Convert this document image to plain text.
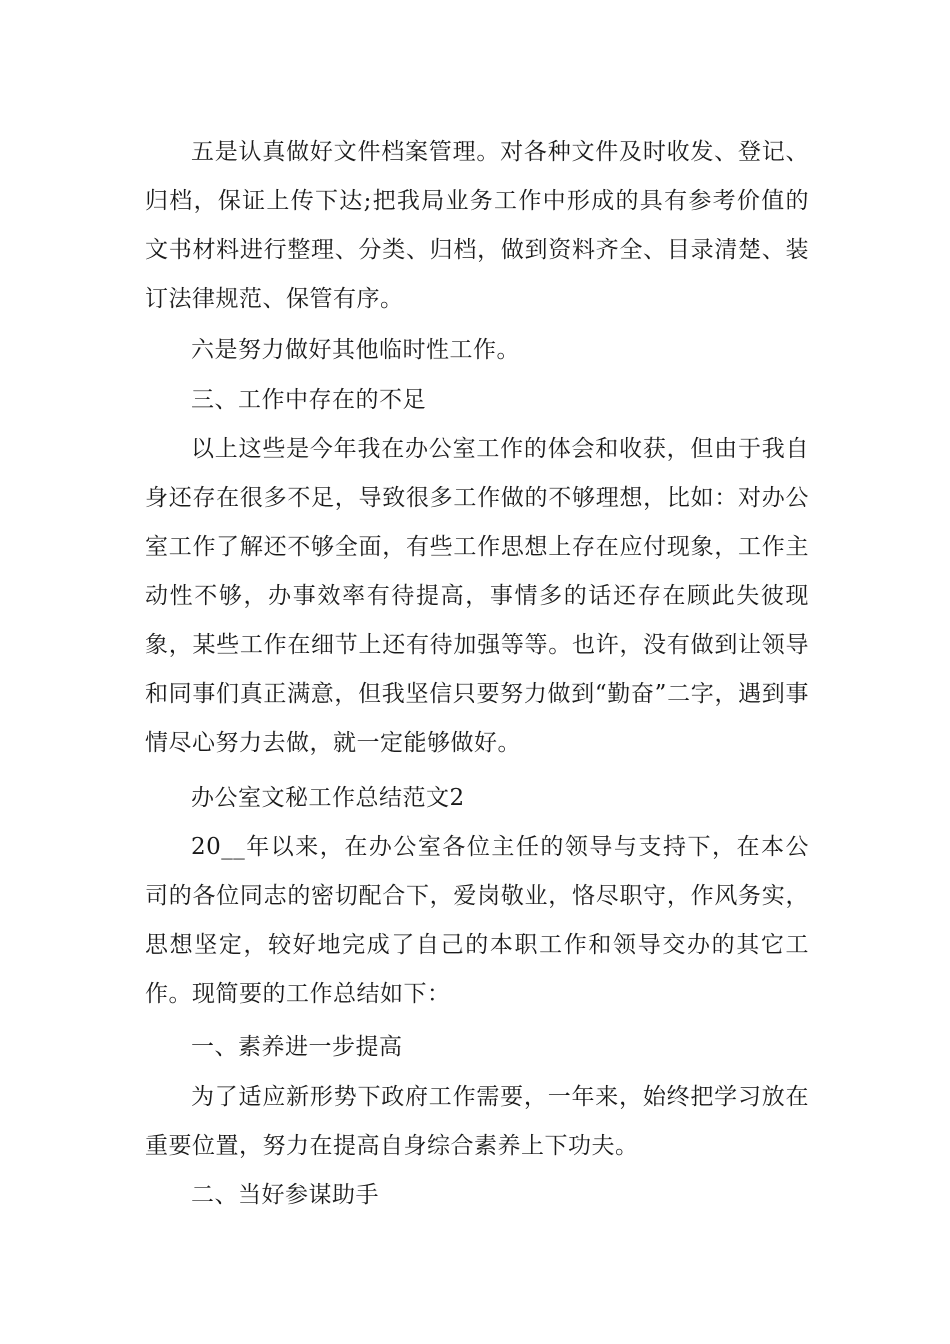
五是认真做好文件档案管理。对各种文件及时收发、登记、归档，保证上传下达;把我局业务工作中形成的具有参考价值的文书材料进行整理、分类、归档，做到资料齐全、目录清楚、装订法律规范、保管有序。

六是努力做好其他临时性工作。

三、工作中存在的不足

以上这些是今年我在办公室工作的体会和收获，但由于我自身还存在很多不足，导致很多工作做的不够理想，比如：对办公室工作了解还不够全面，有些工作思想上存在应付现象，工作主动性不够，办事效率有待提高，事情多的话还存在顾此失彼现象，某些工作在细节上还有待加强等等。也许，没有做到让领导和同事们真正满意，但我坚信只要努力做到“勤奋”二字，遇到事情尽心努力去做，就一定能够做好。

办公室文秘工作总结范文2

20__年以来，在办公室各位主任的领导与支持下，在本公司的各位同志的密切配合下，爱岗敬业，恪尽职守，作风务实，思想坚定，较好地完成了自己的本职工作和领导交办的其它工作。现简要的工作总结如下：

一、素养进一步提高

为了适应新形势下政府工作需要，一年来，始终把学习放在重要位置，努力在提高自身综合素养上下功夫。

二、当好参谋助手
